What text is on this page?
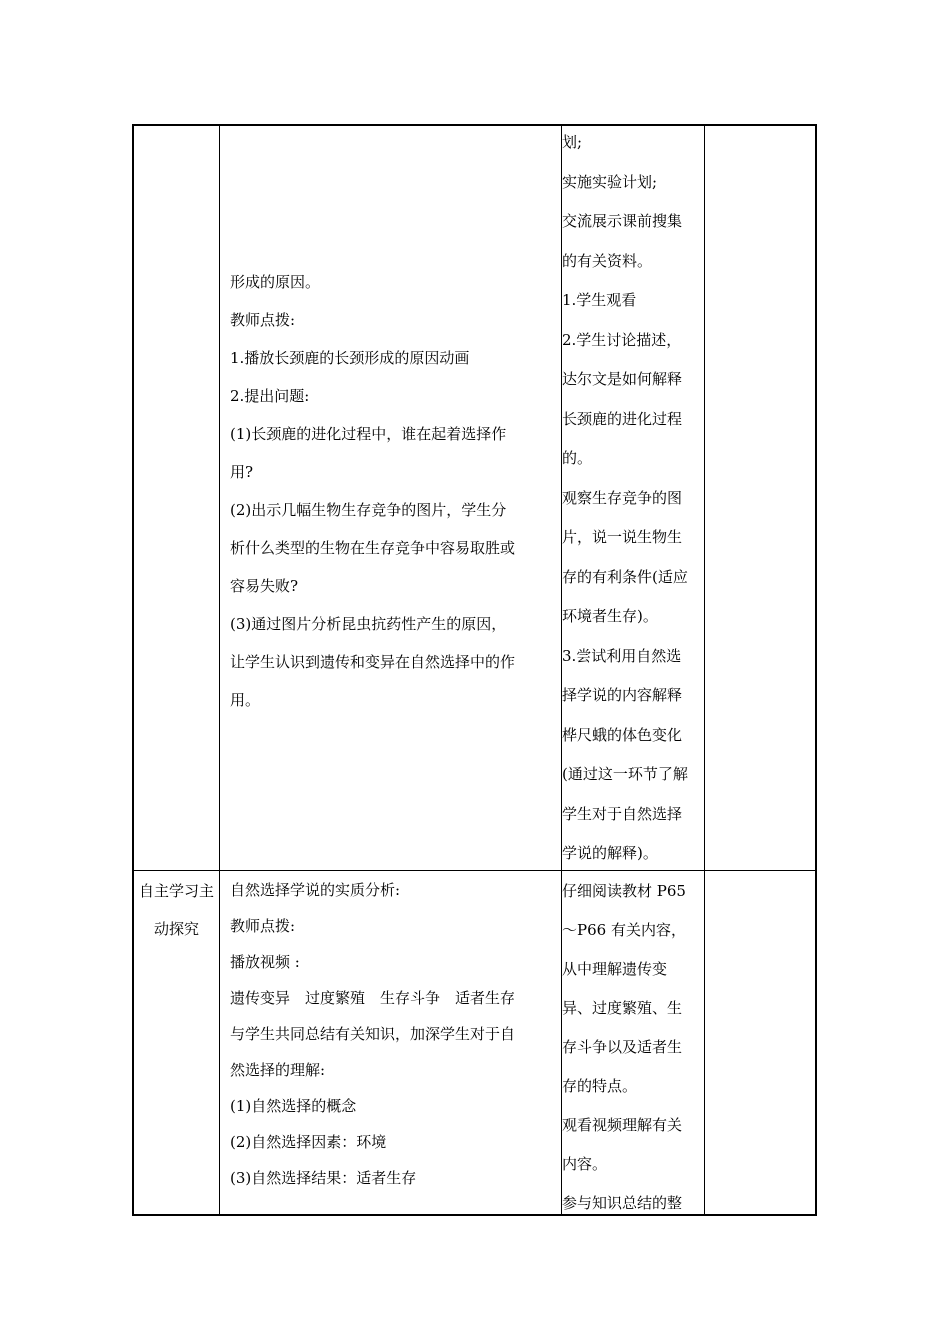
形成的原因。

教师点拨:

1.播放长颈鹿的长颈形成的原因动画

2.提出问题:

(1)长颈鹿的进化过程中，谁在起着选择作

用?

(2)出示几幅生物生存竞争的图片，学生分

析什么类型的生物在生存竞争中容易取胜或

容易失败?

(3)通过图片分析昆虫抗药性产生的原因，

让学生认识到遗传和变异在自然选择中的作

用。

划;

实施实验计划;

交流展示课前搜集

的有关资料。

1.学生观看

2.学生讨论描述，

达尔文是如何解释

长颈鹿的进化过程

的。

观察生存竞争的图

片，说一说生物生

存的有利条件(适应

环境者生存)。

3.尝试利用自然选

择学说的内容解释

桦尺蛾的体色变化

(通过这一环节了解

学生对于自然选择

学说的解释)。

自主学习主

动探究

自然选择学说的实质分析:

教师点拨:

播放视频 :

遗传变异　过度繁殖　生存斗争　适者生存

与学生共同总结有关知识，加深学生对于自

然选择的理解:

(1)自然选择的概念

(2)自然选择因素：环境

(3)自然选择结果：适者生存

仔细阅读教材 P65

～P66 有关内容，

从中理解遗传变

异、过度繁殖、生

存斗争以及适者生

存的特点。

观看视频理解有关

内容。

参与知识总结的整
